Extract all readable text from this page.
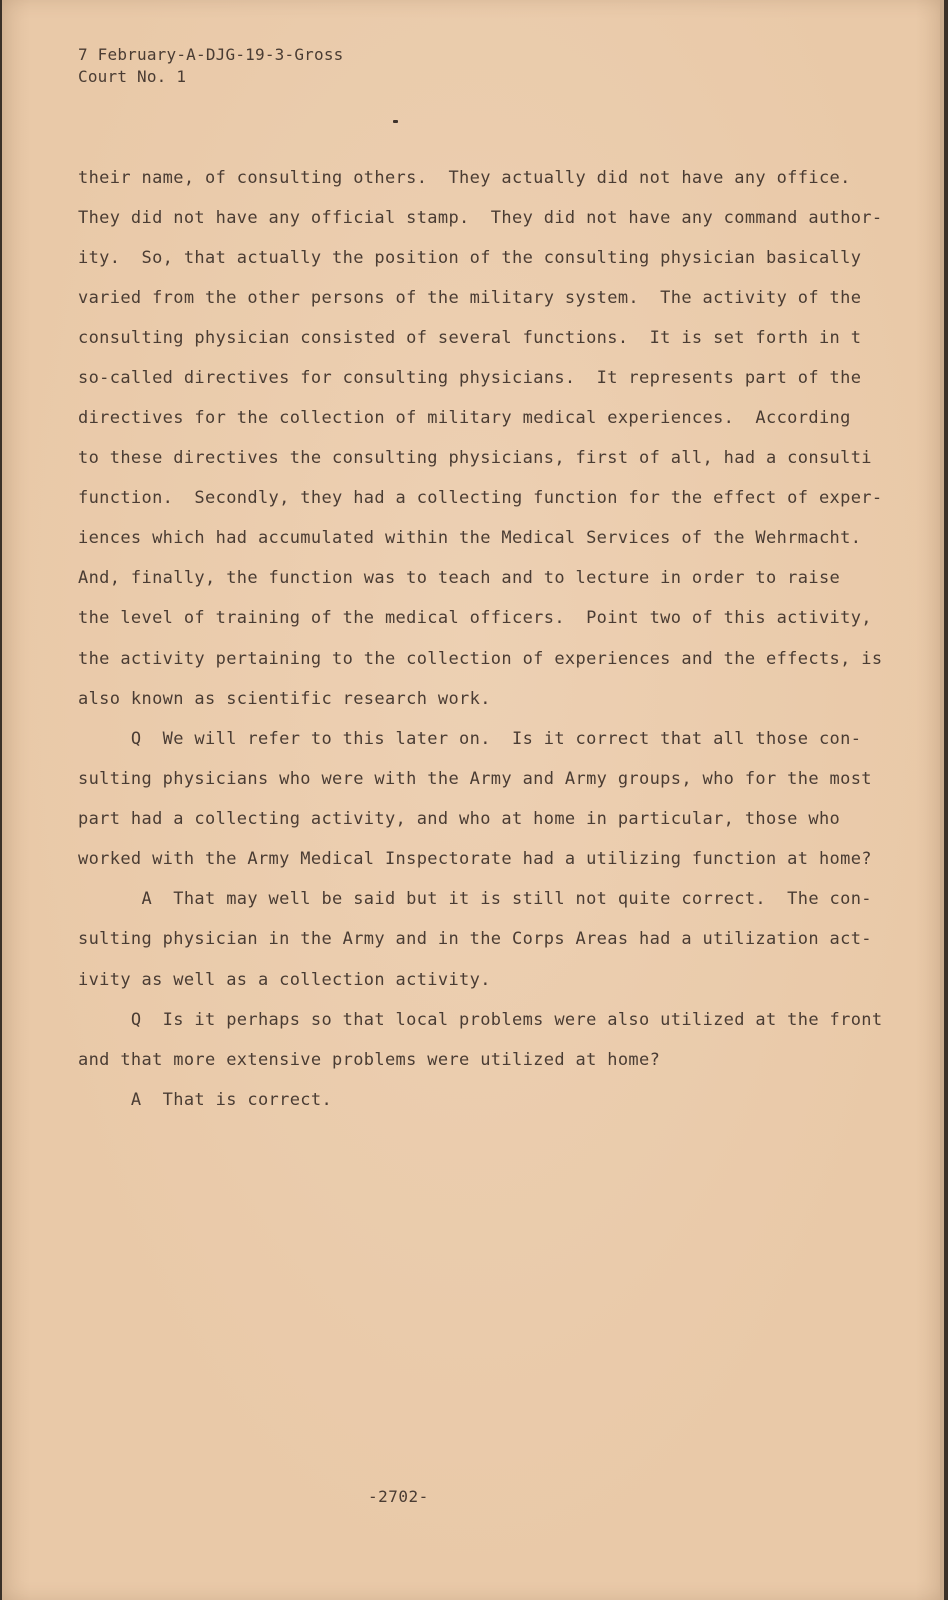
7 February-A-DJG-19-3-Gross
Court No. 1
their name, of consulting others.  They actually did not have any office.
They did not have any official stamp.  They did not have any command author-
ity.  So, that actually the position of the consulting physician basically
varied from the other persons of the military system.  The activity of the
consulting physician consisted of several functions.  It is set forth in t
so-called directives for consulting physicians.  It represents part of the
directives for the collection of military medical experiences.  According
to these directives the consulting physicians, first of all, had a consulti
function.  Secondly, they had a collecting function for the effect of exper-
iences which had accumulated within the Medical Services of the Wehrmacht.
And, finally, the function was to teach and to lecture in order to raise
the level of training of the medical officers.  Point two of this activity,
the activity pertaining to the collection of experiences and the effects, is
also known as scientific research work.
Q  We will refer to this later on.  Is it correct that all those con-
sulting physicians who were with the Army and Army groups, who for the most
part had a collecting activity, and who at home in particular, those who
worked with the Army Medical Inspectorate had a utilizing function at home?
A  That may well be said but it is still not quite correct.  The con-
sulting physician in the Army and in the Corps Areas had a utilization act-
ivity as well as a collection activity.
Q  Is it perhaps so that local problems were also utilized at the front
and that more extensive problems were utilized at home?
A  That is correct.
-2702-
